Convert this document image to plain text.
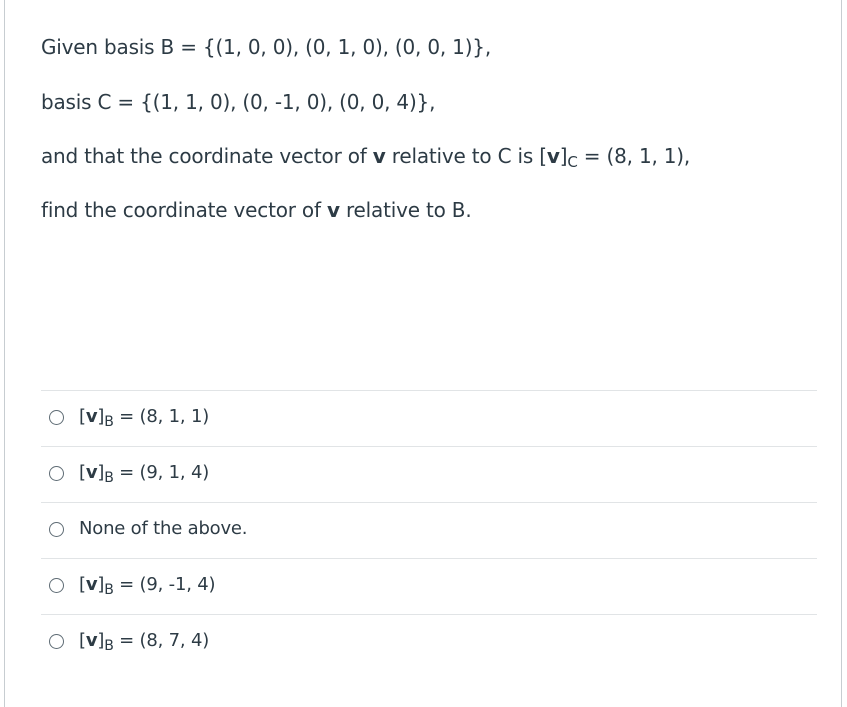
Given basis B = {(1, 0, 0), (0, 1, 0), (0, 0, 1)},
basis C = {(1, 1, 0), (0, -1, 0), (0, 0, 4)},
and that the coordinate vector of v relative to C is $[v]_C = (8$, 1, 1),
find the coordinate vector of v relative to B.
$[v]_B = (8$, 1, 1)
$[v]_B = (9$, 1, 4)
None of the above.
$[v]_B = (9$, -1, 4)
$[v]_B = (8$, 7, 4)
